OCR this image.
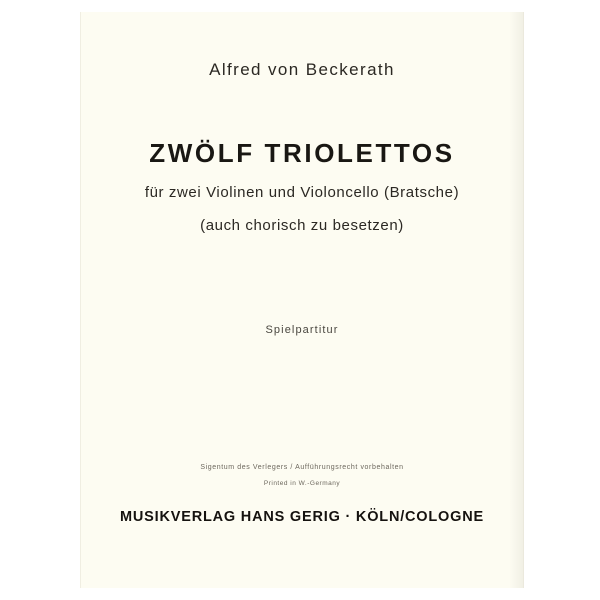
Alfred von Beckerath
ZWÖLF TRIOLETTOS
für zwei Violinen und Violoncello (Bratsche)
(auch chorisch zu besetzen)
Spielpartitur
Sigentum des Verlegers / Aufführungsrecht vorbehalten
Printed in W.-Germany
MUSIKVERLAG HANS GERIG · KÖLN/COLOGNE
